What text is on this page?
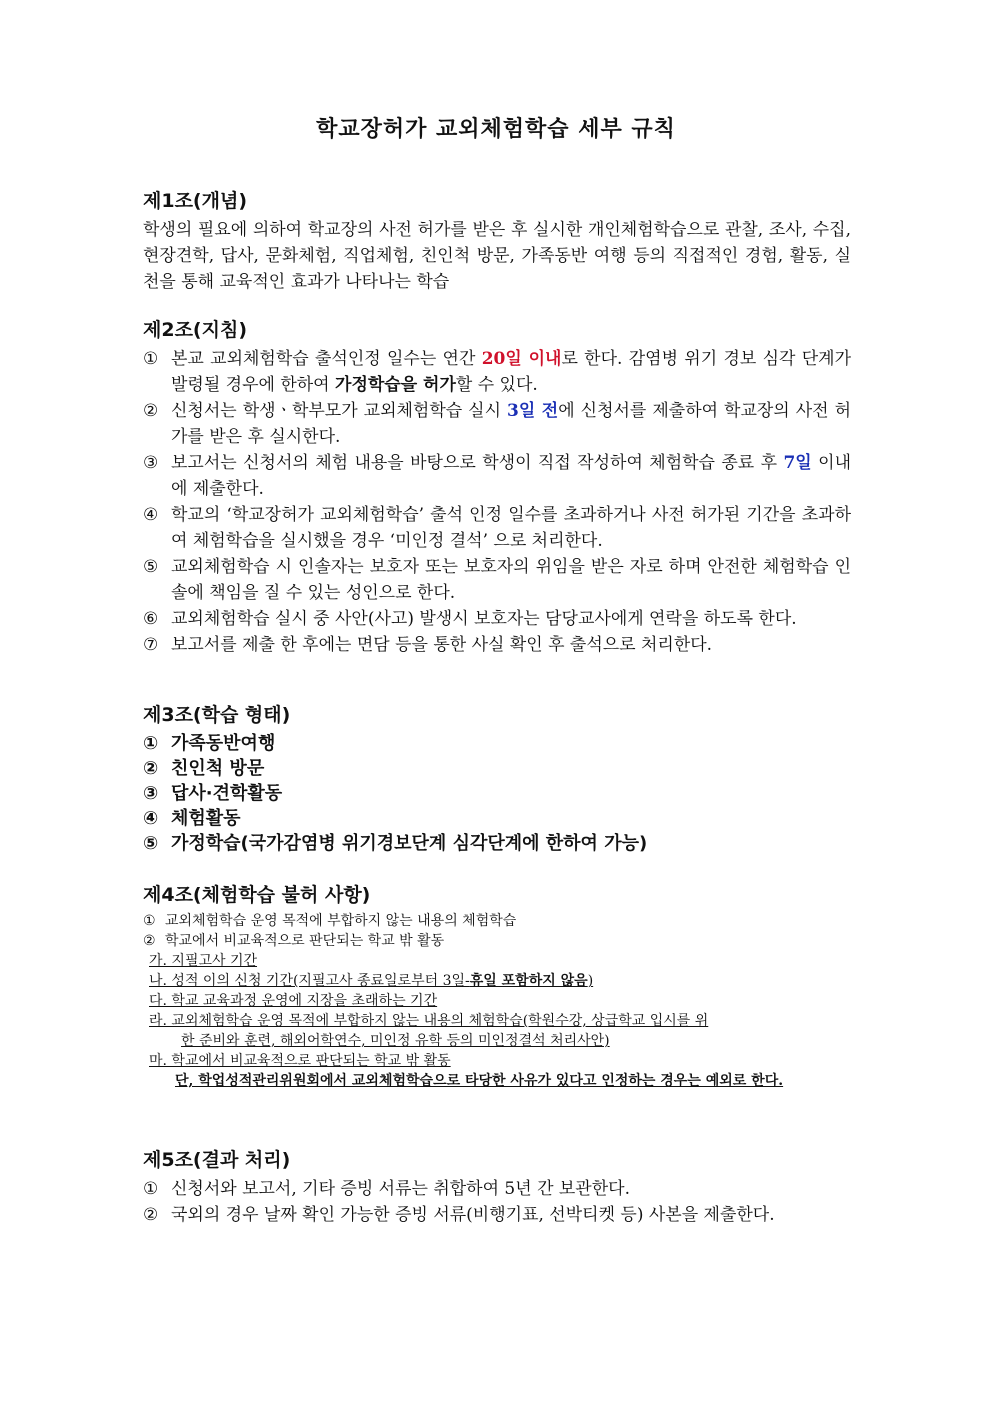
학교장허가 교외체험학습 세부 규칙
제1조(개념)

학생의 필요에 의하여 학교장의 사전 허가를 받은 후 실시한 개인체험학습으로 관찰, 조사, 수집, 현장견학, 답사, 문화체험, 직업체험, 친인척 방문, 가족동반 여행 등의 직접적인 경험, 활동, 실천을 통해 교육적인 효과가 나타나는 학습

제2조(지침)
① 본교 교외체험학습 출석인정 일수는 연간 20일 이내로 한다. 감염병 위기 경보 심각 단계가 발령될 경우에 한하여 가정학습을 허가할 수 있다.
② 신청서는 학생ㆍ학부모가 교외체험학습 실시 3일 전에 신청서를 제출하여 학교장의 사전 허가를 받은 후 실시한다.
③ 보고서는 신청서의 체험 내용을 바탕으로 학생이 직접 작성하여 체험학습 종료 후 7일 이내에 제출한다.
④ 학교의 ‘학교장허가 교외체험학습’ 출석 인정 일수를 초과하거나 사전 허가된 기간을 초과하여 체험학습을 실시했을 경우 ‘미인정 결석’ 으로 처리한다.
⑤ 교외체험학습 시 인솔자는 보호자 또는 보호자의 위임을 받은 자로 하며 안전한 체험학습 인솔에 책임을 질 수 있는 성인으로 한다.
⑥ 교외체험학습 실시 중 사안(사고) 발생시 보호자는 담당교사에게 연락을 하도록 한다.
⑦ 보고서를 제출 한 후에는 면담 등을 통한 사실 확인 후 출석으로 처리한다.
제3조(학습 형태)
① 가족동반여행
② 친인척 방문
③ 답사·견학활동
④ 체험활동
⑤ 가정학습(국가감염병 위기경보단계 심각단계에 한하여 가능)
제4조(체험학습 불허 사항)
① 교외체험학습 운영 목적에 부합하지 않는 내용의 체험학습
② 학교에서 비교육적으로 판단되는 학교 밖 활동
가. 지필고사 기간
나. 성적 이의 신청 기간(지필고사 종료일로부터 3일-휴일 포함하지 않음)
다. 학교 교육과정 운영에 지장을 초래하는 기간
라. 교외체험학습 운영 목적에 부합하지 않는 내용의 체험학습(학원수강, 상급학교 입시를 위
한 준비와 훈련, 해외어학연수, 미인정 유학 등의 미인정결석 처리사안)
마. 학교에서 비교육적으로 판단되는 학교 밖 활동
단, 학업성적관리위원회에서 교외체험학습으로 타당한 사유가 있다고 인정하는 경우는 예외로 한다.
제5조(결과 처리)
① 신청서와 보고서, 기타 증빙 서류는 취합하여 5년 간 보관한다.
② 국외의 경우 날짜 확인 가능한 증빙 서류(비행기표, 선박티켓 등) 사본을 제출한다.
